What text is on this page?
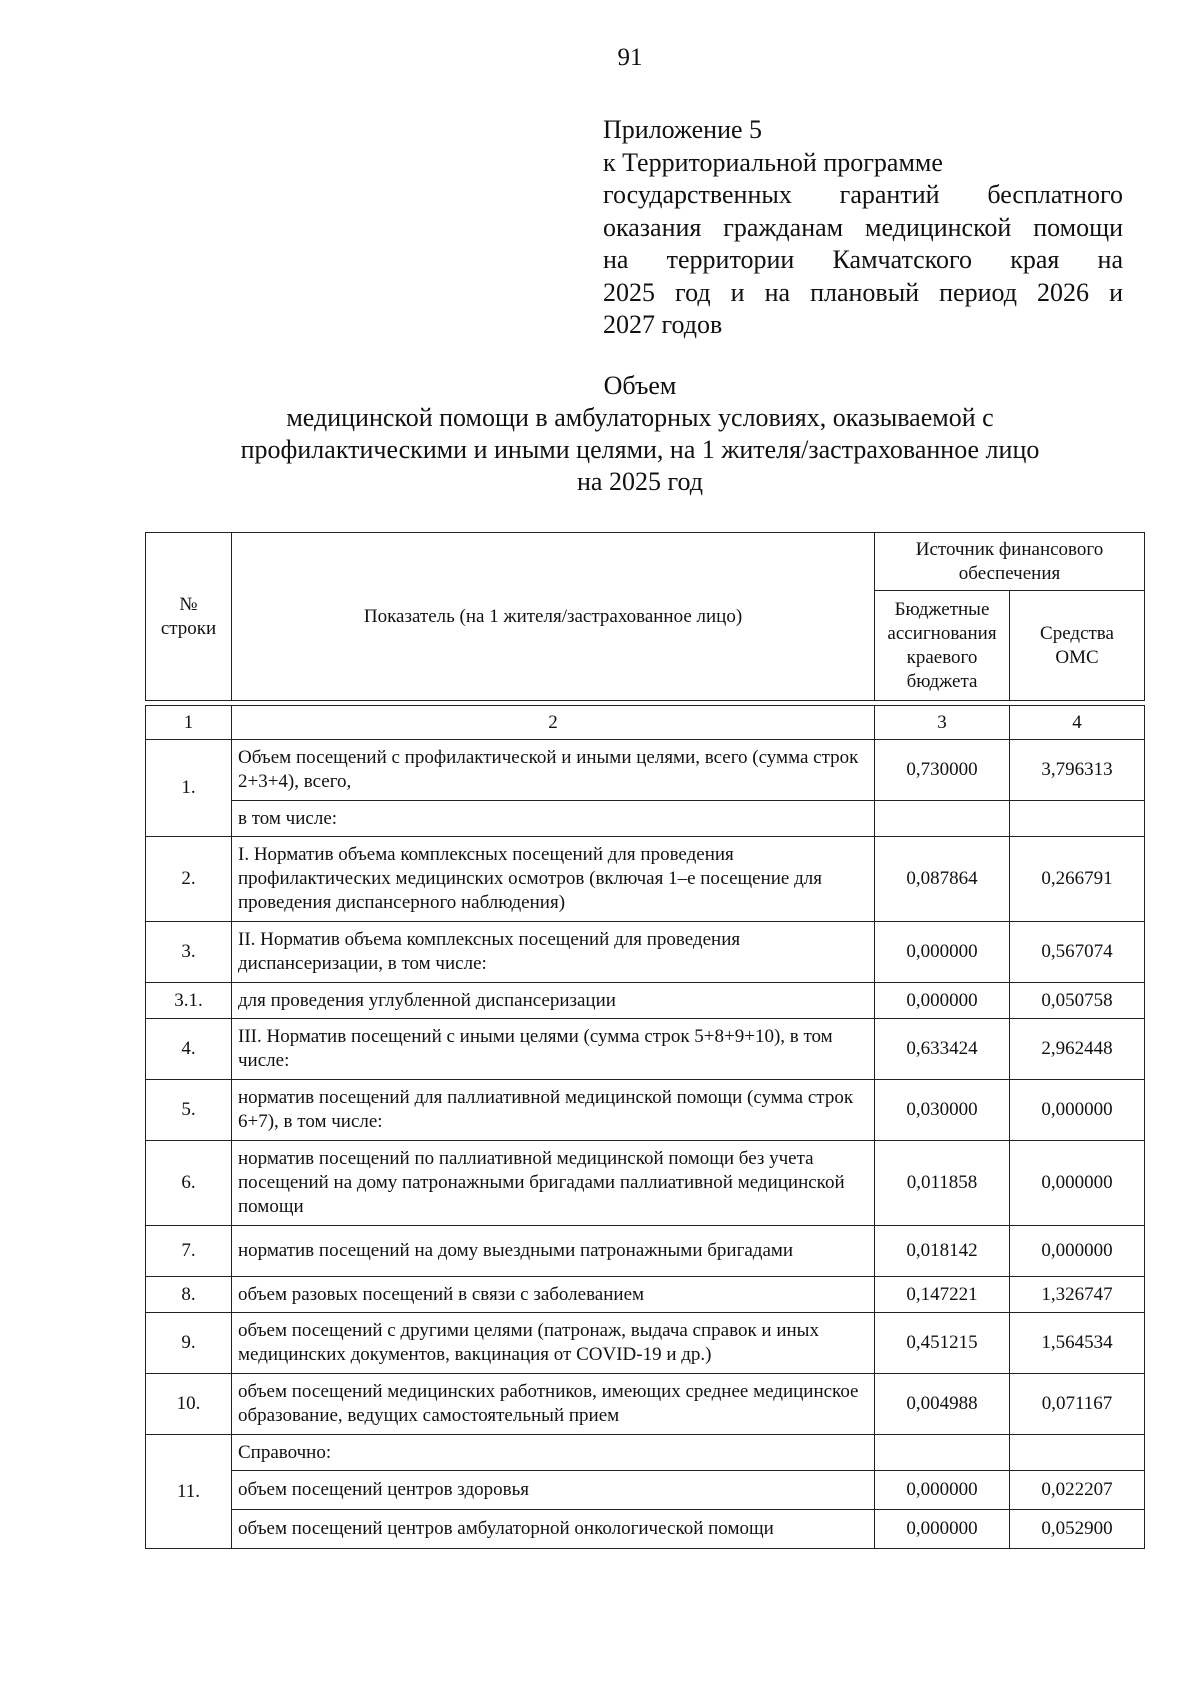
91
Приложение 5
к Территориальной программе
государственных гарантий бесплатного
оказания гражданам медицинской помощи
на территории Камчатского края на
2025 год и на плановый период 2026 и
2027 годов
Объем
медицинской помощи в амбулаторных условиях, оказываемой с
профилактическими и иными целями, на 1 жителя/застрахованное лицо
на 2025 год
№ строки	Показатель (на 1 жителя/застрахованное лицо)	Источник финансового обеспечения	
		Бюджетные ассигнования краевого бюджета	Средства ОМС

1	2	3	4
1.	Объем посещений с профилактической и иными целями, всего (сумма строк 2+3+4), всего,	0,730000	3,796313
	в том числе:		
2.	I. Норматив объема комплексных посещений для проведения профилактических медицинских осмотров (включая 1–е посещение для проведения диспансерного наблюдения)	0,087864	0,266791
3.	II. Норматив объема комплексных посещений для проведения диспансеризации, в том числе:	0,000000	0,567074
3.1.	для проведения углубленной диспансеризации	0,000000	0,050758
4.	III. Норматив посещений с иными целями (сумма строк 5+8+9+10), в том числе:	0,633424	2,962448
5.	норматив посещений для паллиативной медицинской помощи (сумма строк 6+7), в том числе:	0,030000	0,000000
6.	норматив посещений по паллиативной медицинской помощи без учета посещений на дому патронажными бригадами паллиативной медицинской помощи	0,011858	0,000000
7.	норматив посещений на дому выездными патронажными бригадами	0,018142	0,000000
8.	объем разовых посещений в связи с заболеванием	0,147221	1,326747
9.	объем посещений с другими целями (патронаж, выдача справок и иных медицинских документов, вакцинация от COVID-19 и др.)	0,451215	1,564534
10.	объем посещений медицинских работников, имеющих среднее медицинское образование, ведущих самостоятельный прием	0,004988	0,071167
11.	Справочно:		
	объем посещений центров здоровья	0,000000	0,022207
	объем посещений центров амбулаторной онкологической помощи	0,000000	0,052900
